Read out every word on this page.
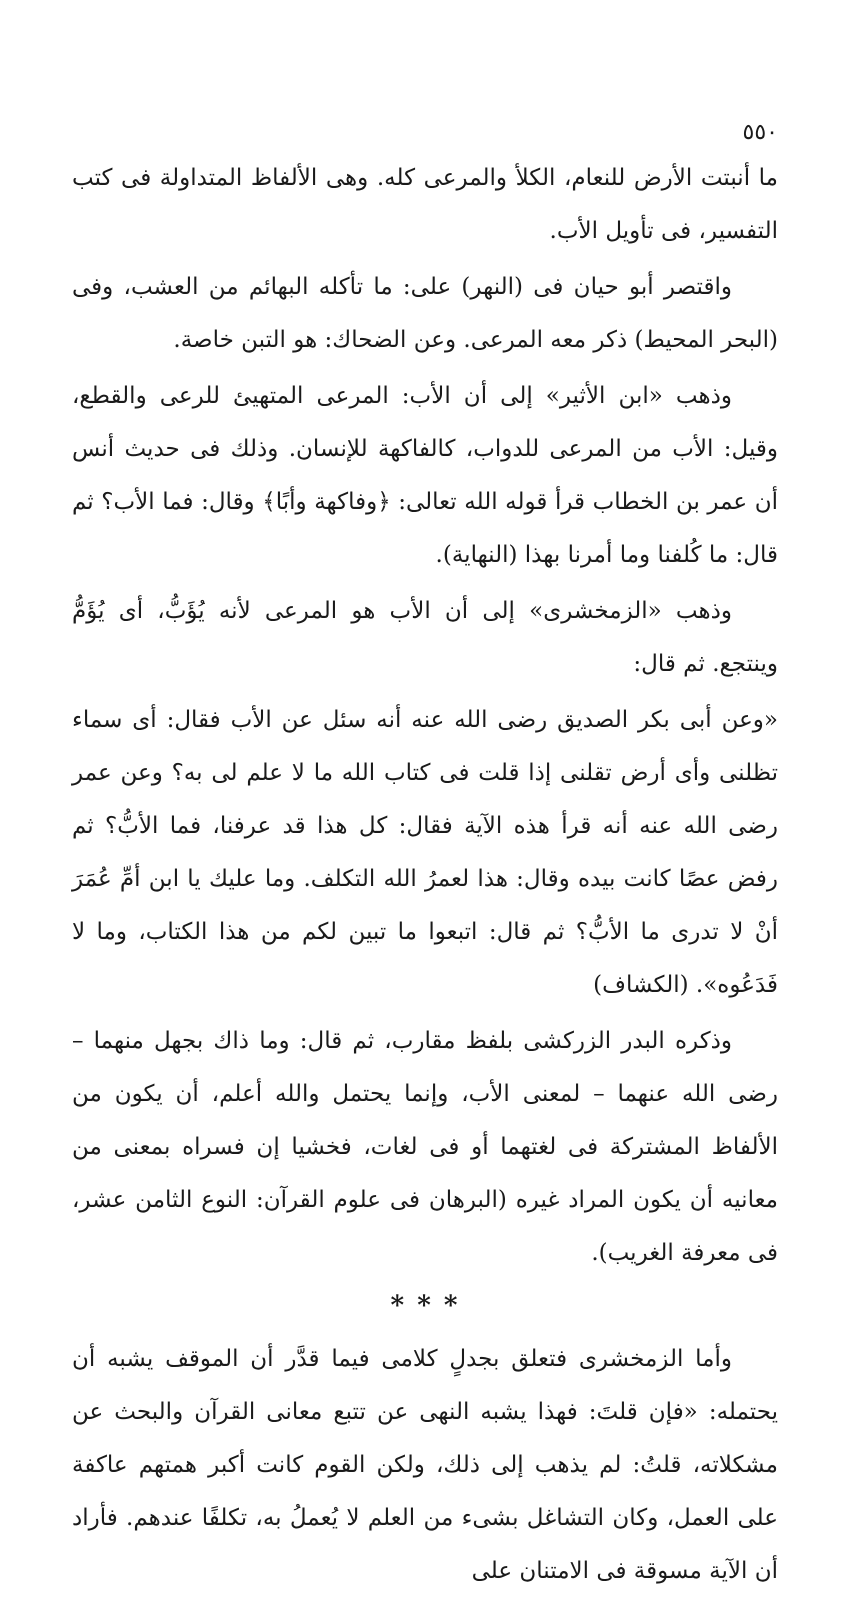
٥٥٠

ما أنبتت الأرض للنعام، الكلأ والمرعى كله. وهى الألفاظ المتداولة فى كتب التفسير، فى تأويل الأب.

واقتصر أبو حيان فى (النهر) على: ما تأكله البهائم من العشب، وفى (البحر المحيط) ذكر معه المرعى. وعن الضحاك: هو التبن خاصة.

وذهب «ابن الأثير» إلى أن الأب: المرعى المتهيئ للرعى والقطع، وقيل: الأب من المرعى للدواب، كالفاكهة للإنسان. وذلك فى حديث أنس أن عمر بن الخطاب قرأ قوله الله تعالى: ﴿وفاكهة وأبًا﴾ وقال: فما الأب؟ ثم قال: ما كُلفنا وما أمرنا بهذا (النهاية).

وذهب «الزمخشرى» إلى أن الأب هو المرعى لأنه يُؤَبُّ، أى يُؤَمُّ وينتجع. ثم قال:

«وعن أبى بكر الصديق رضى الله عنه أنه سئل عن الأب فقال: أى سماء تظلنى وأى أرض تقلنى إذا قلت فى كتاب الله ما لا علم لى به؟ وعن عمر رضى الله عنه أنه قرأ هذه الآية فقال: كل هذا قد عرفنا، فما الأبُّ؟ ثم رفض عصًا كانت بيده وقال: هذا لعمرُ الله التكلف. وما عليك يا ابن أمِّ عُمَرَ أنْ لا تدرى ما الأبُّ؟ ثم قال: اتبعوا ما تبين لكم من هذا الكتاب، وما لا فَدَعُوه». (الكشاف)

وذكره البدر الزركشى بلفظ مقارب، ثم قال: وما ذاك بجهل منهما – رضى الله عنهما – لمعنى الأب، وإنما يحتمل والله أعلم، أن يكون من الألفاظ المشتركة فى لغتهما أو فى لغات، فخشيا إن فسراه بمعنى من معانيه أن يكون المراد غيره (البرهان فى علوم القرآن: النوع الثامن عشر، فى معرفة الغريب).

* * *

وأما الزمخشرى فتعلق بجدلٍ كلامى فيما قدَّر أن الموقف يشبه أن يحتمله: «فإن قلتَ: فهذا يشبه النهى عن تتبع معانى القرآن والبحث عن مشكلاته، قلتُ: لم يذهب إلى ذلك، ولكن القوم كانت أكبر همتهم عاكفة على العمل، وكان التشاغل بشىء من العلم لا يُعملُ به، تكلفًا عندهم. فأراد أن الآية مسوقة فى الامتنان على
